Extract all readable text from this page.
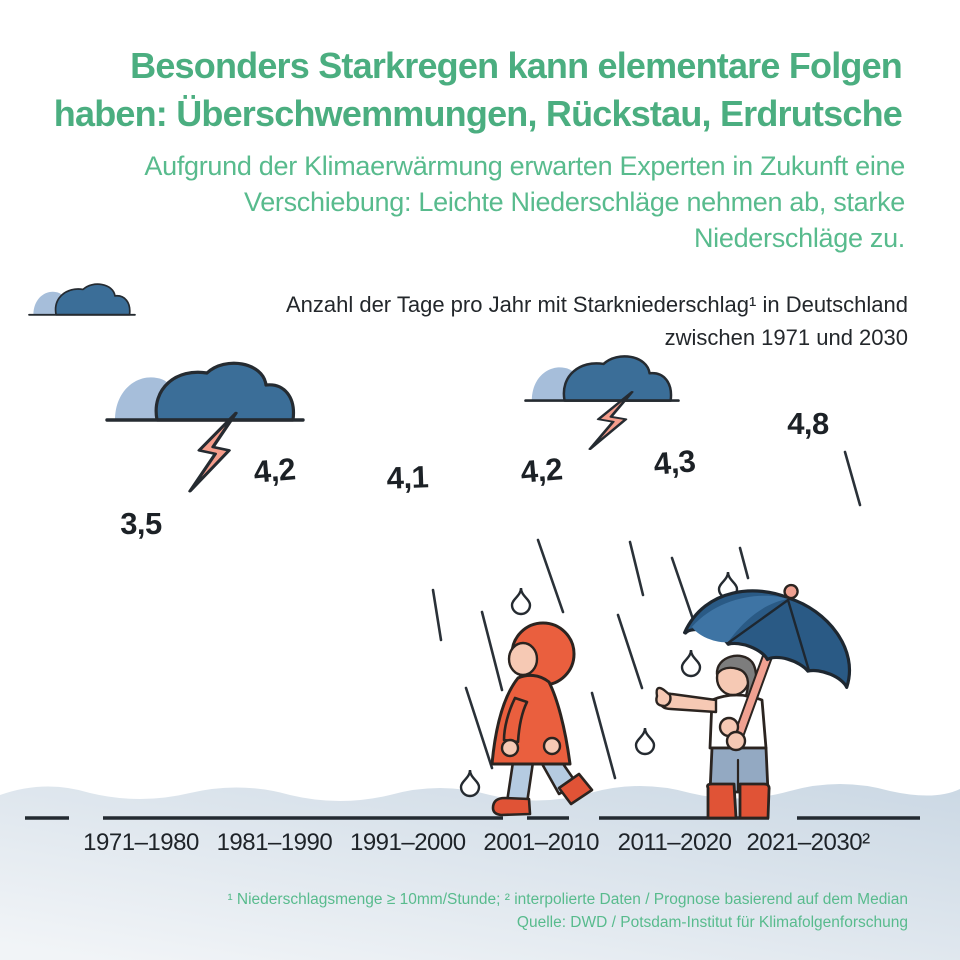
Besonders Starkregen kann elementare Folgen
haben: Überschwemmungen, Rückstau, Erdrutsche
Aufgrund der Klimaerwärmung erwarten Experten in Zukunft eine Verschiebung: Leichte Niederschläge nehmen ab, starke Niederschläge zu.
Anzahl der Tage pro Jahr mit Starkniederschlag¹ in Deutschland zwischen 1971 und 2030
3,5
4,2	4,1	4,2	4,3
4,8
1971–1980 1981–1990 1991–2000 2001–2010 2011–2020 2021–2030²
¹ Niederschlagsmenge ≥ 10mm/Stunde; ² interpolierte Daten / Prognose basierend auf dem Median
Quelle: DWD / Potsdam-Institut für Klimafolgenforschung
